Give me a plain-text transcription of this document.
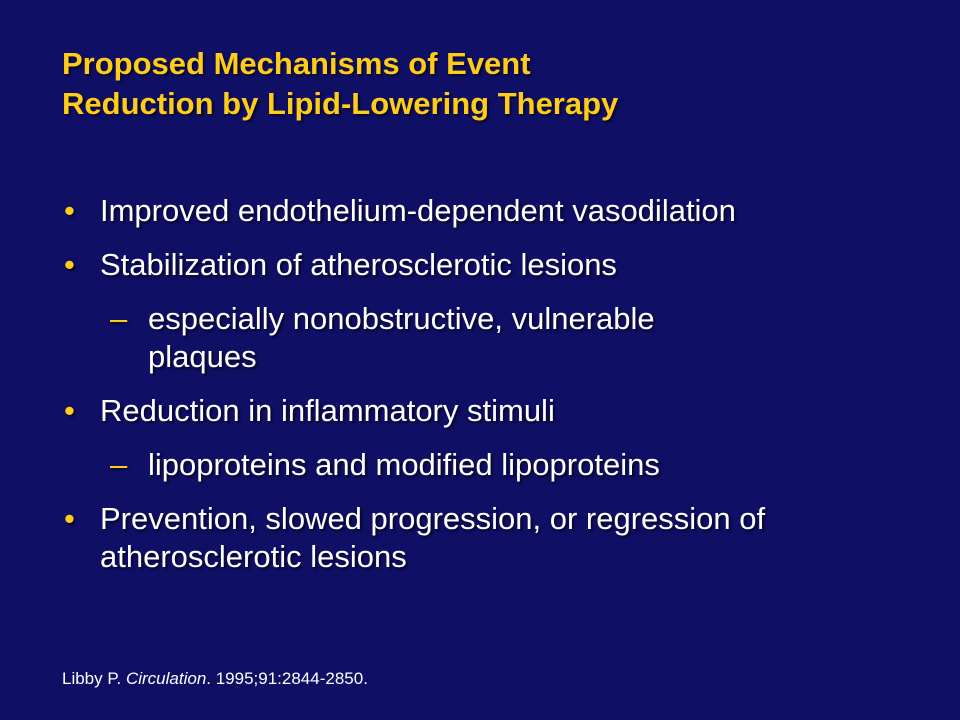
Proposed Mechanisms of Event
Reduction by Lipid-Lowering Therapy
• Improved endothelium-dependent vasodilation
• Stabilization of atherosclerotic lesions
– especially nonobstructive, vulnerable plaques
• Reduction in inflammatory stimuli
– lipoproteins and modified lipoproteins
• Prevention, slowed progression, or regression of atherosclerotic lesions
Libby P. Circulation. 1995;91:2844-2850.
